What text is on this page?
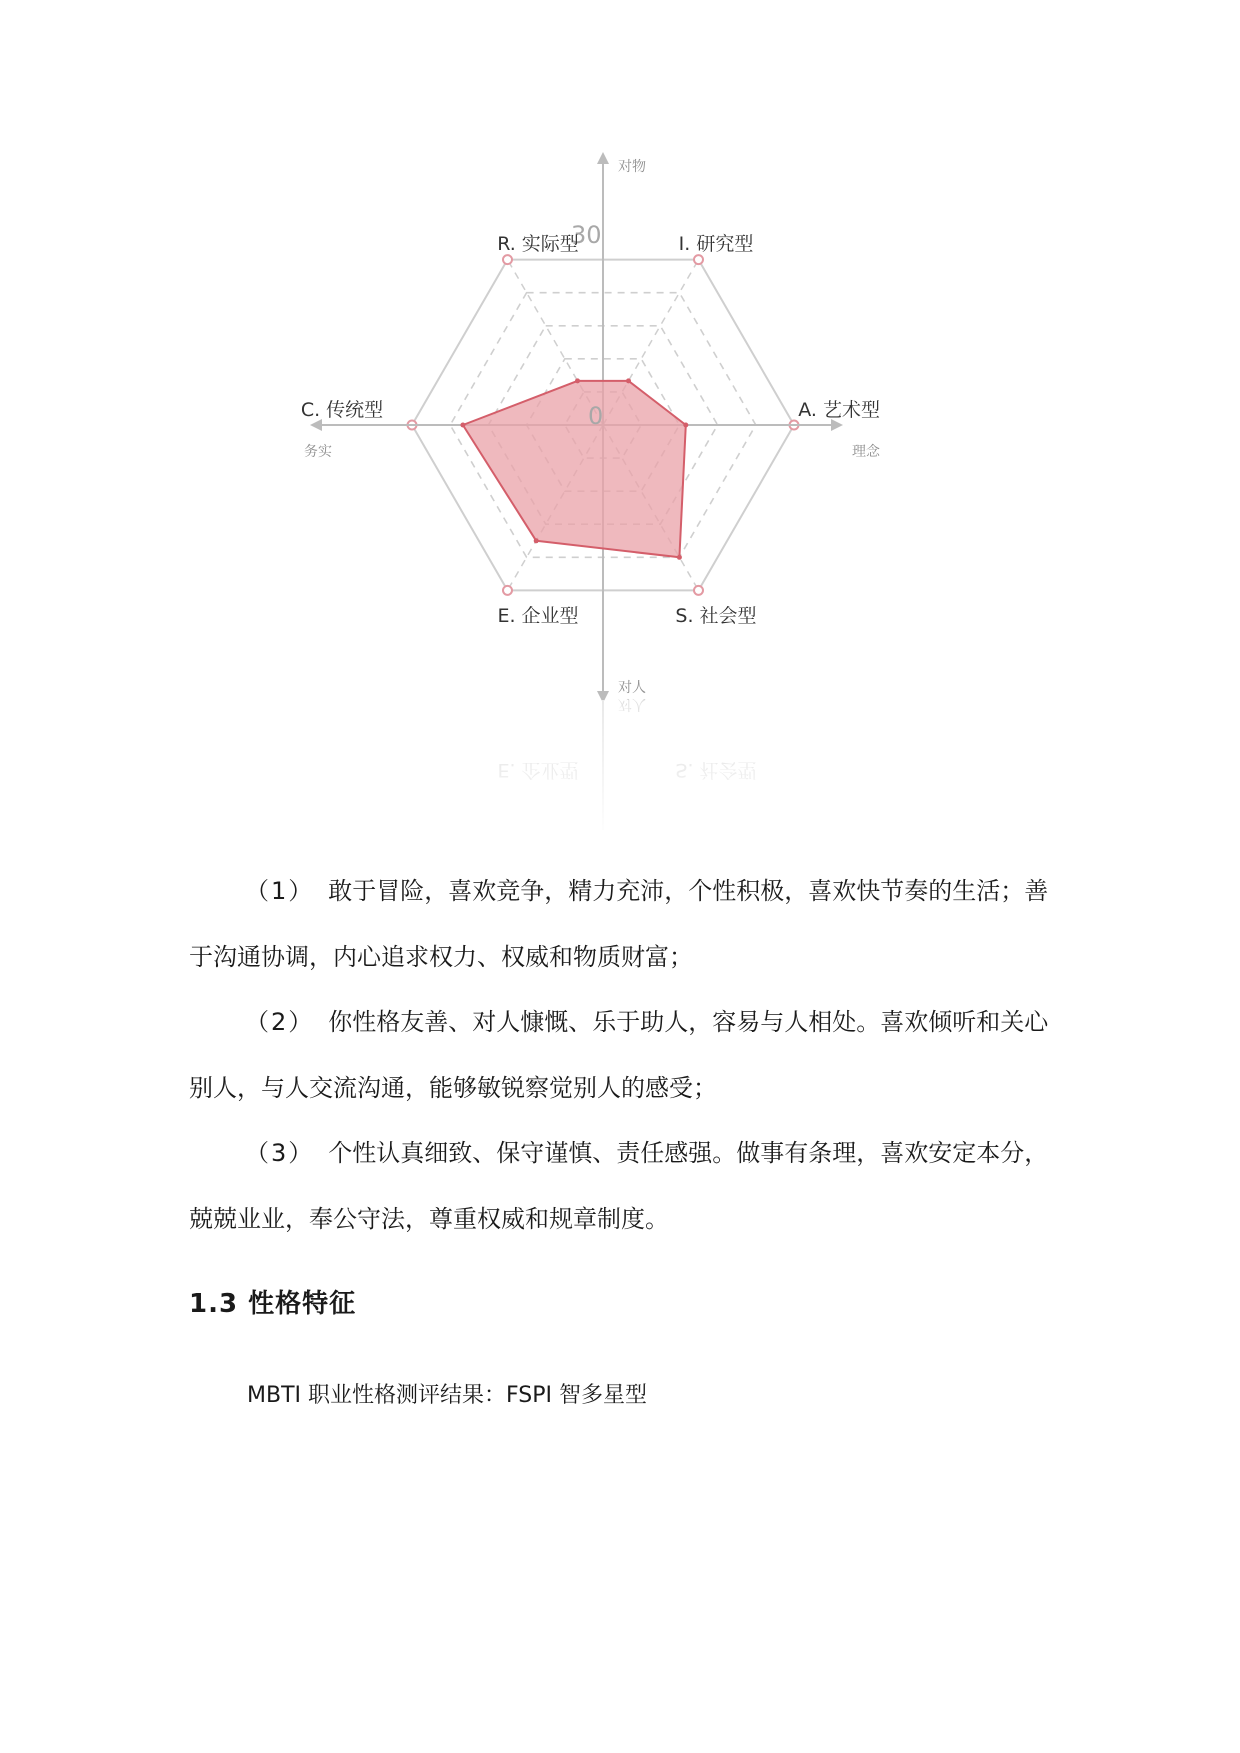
30
0
R. 实际型	I. 研究型
A. 艺术型
S. 社会型
E. 企业型
C. 传统型
对物
对人
务实	理念

（1） 敢于冒险，喜欢竞争，精力充沛，个性积极，喜欢快节奏的生活；善于沟通协调，内心追求权力、权威和物质财富；

（2） 你性格友善、对人慷慨、乐于助人，容易与人相处。喜欢倾听和关心别人，与人交流沟通，能够敏锐察觉别人的感受；

（3） 个性认真细致、保守谨慎、责任感强。做事有条理，喜欢安定本分，兢兢业业，奉公守法，尊重权威和规章制度。

1.3 性格特征

MBTI 职业性格测评结果：FSPI 智多星型
